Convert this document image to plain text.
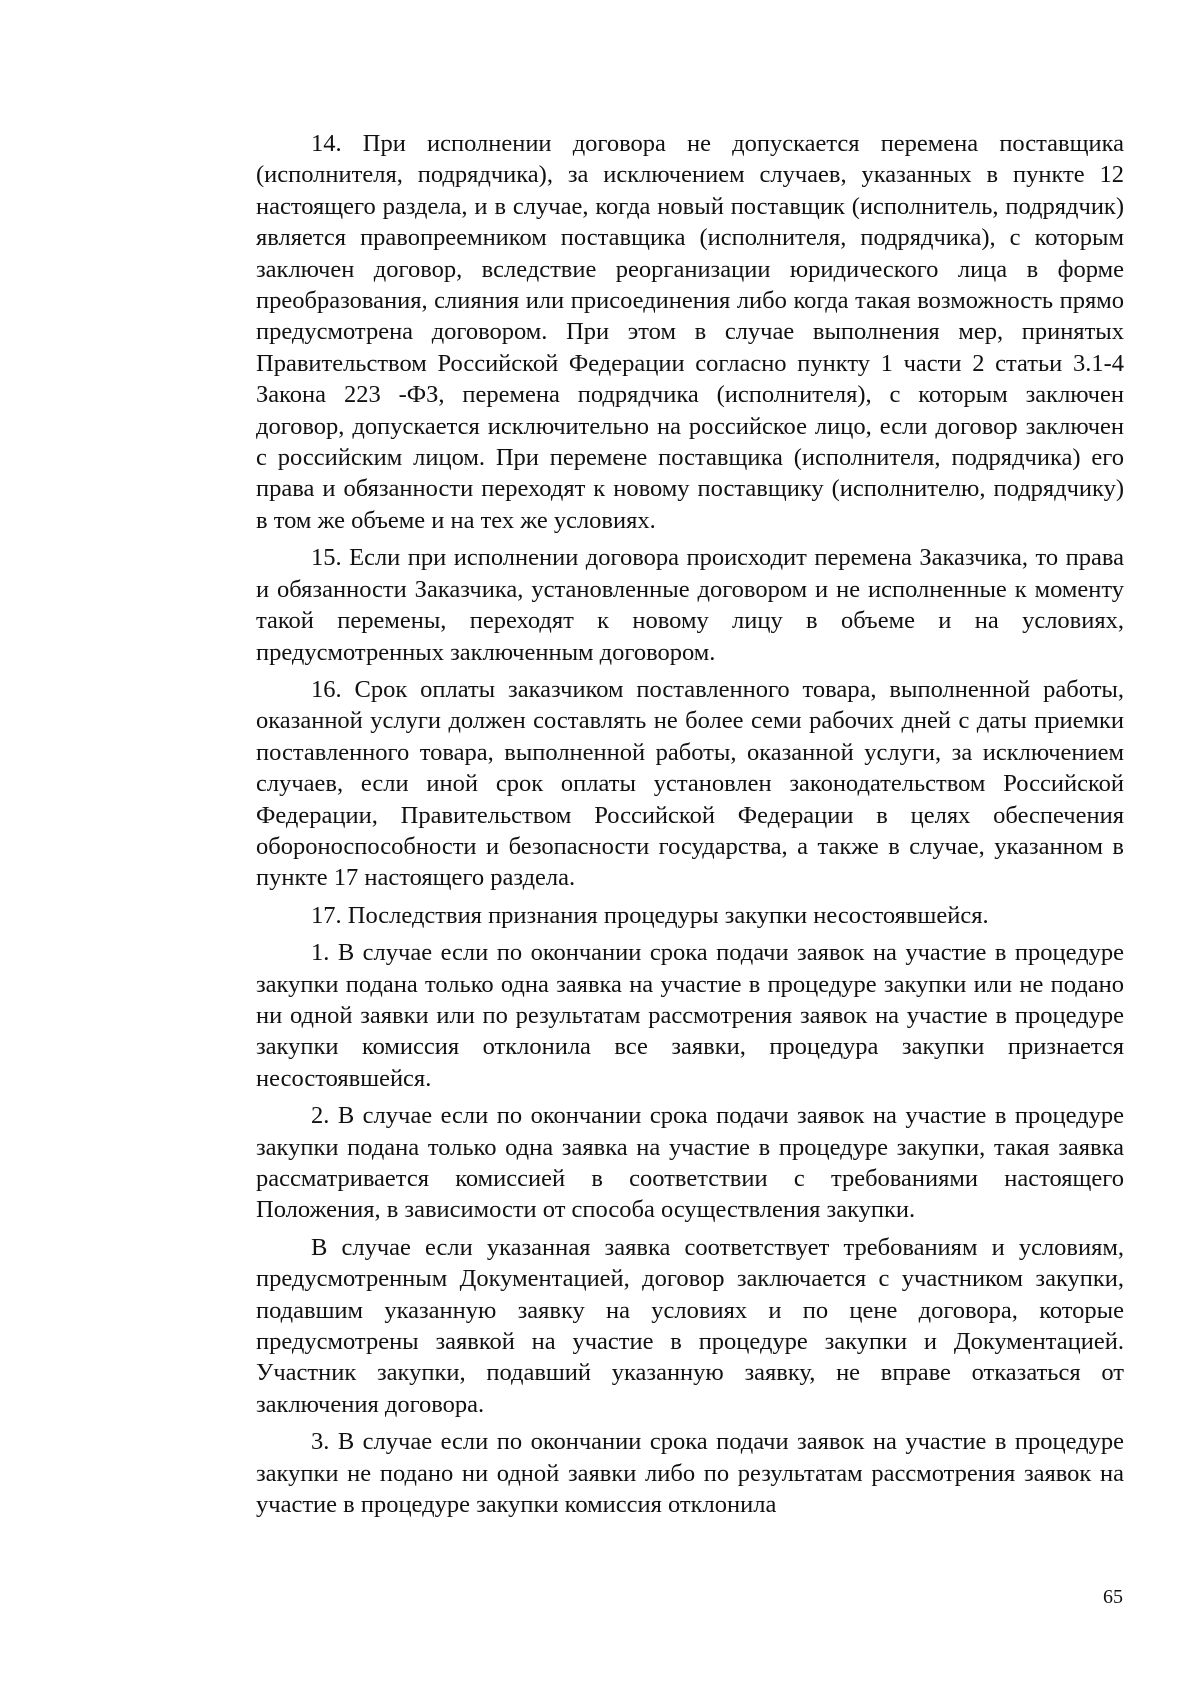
14. При исполнении договора не допускается перемена поставщика (исполнителя, подрядчика), за исключением случаев, указанных в пункте 12 настоящего раздела, и в случае, когда новый поставщик (исполнитель, подрядчик) является правопреемником поставщика (исполнителя, подрядчика), с которым заключен договор, вследствие реорганизации юридического лица в форме преобразования, слияния или присоединения либо когда такая возможность прямо предусмотрена договором. При этом в случае выполнения мер, принятых Правительством Российской Федерации согласно пункту 1 части 2 статьи 3.1-4 Закона 223 -ФЗ, перемена подрядчика (исполнителя), с которым заключен договор, допускается исключительно на российское лицо, если договор заключен с российским лицом. При перемене поставщика (исполнителя, подрядчика) его права и обязанности переходят к новому поставщику (исполнителю, подрядчику) в том же объеме и на тех же условиях.

15. Если при исполнении договора происходит перемена Заказчика, то права и обязанности Заказчика, установленные договором и не исполненные к моменту такой перемены, переходят к новому лицу в объеме и на условиях, предусмотренных заключенным договором.

16. Срок оплаты заказчиком поставленного товара, выполненной работы, оказанной услуги должен составлять не более семи рабочих дней с даты приемки поставленного товара, выполненной работы, оказанной услуги, за исключением случаев, если иной срок оплаты установлен законодательством Российской Федерации, Правительством Российской Федерации в целях обеспечения обороноспособности и безопасности государства, а также в случае, указанном в пункте 17 настоящего раздела.

17. Последствия признания процедуры закупки несостоявшейся.

1. В случае если по окончании срока подачи заявок на участие в процедуре закупки подана только одна заявка на участие в процедуре закупки или не подано ни одной заявки или по результатам рассмотрения заявок на участие в процедуре закупки комиссия отклонила все заявки, процедура закупки признается несостоявшейся.

2. В случае если по окончании срока подачи заявок на участие в процедуре закупки подана только одна заявка на участие в процедуре закупки, такая заявка рассматривается комиссией в соответствии с требованиями настоящего Положения, в зависимости от способа осуществления закупки.

В случае если указанная заявка соответствует требованиям и условиям, предусмотренным Документацией, договор заключается с участником закупки, подавшим указанную заявку на условиях и по цене договора, которые предусмотрены заявкой на участие в процедуре закупки и Документацией. Участник закупки, подавший указанную заявку, не вправе отказаться от заключения договора.

3. В случае если по окончании срока подачи заявок на участие в процедуре закупки не подано ни одной заявки либо по результатам рассмотрения заявок на участие в процедуре закупки комиссия отклонила

65
